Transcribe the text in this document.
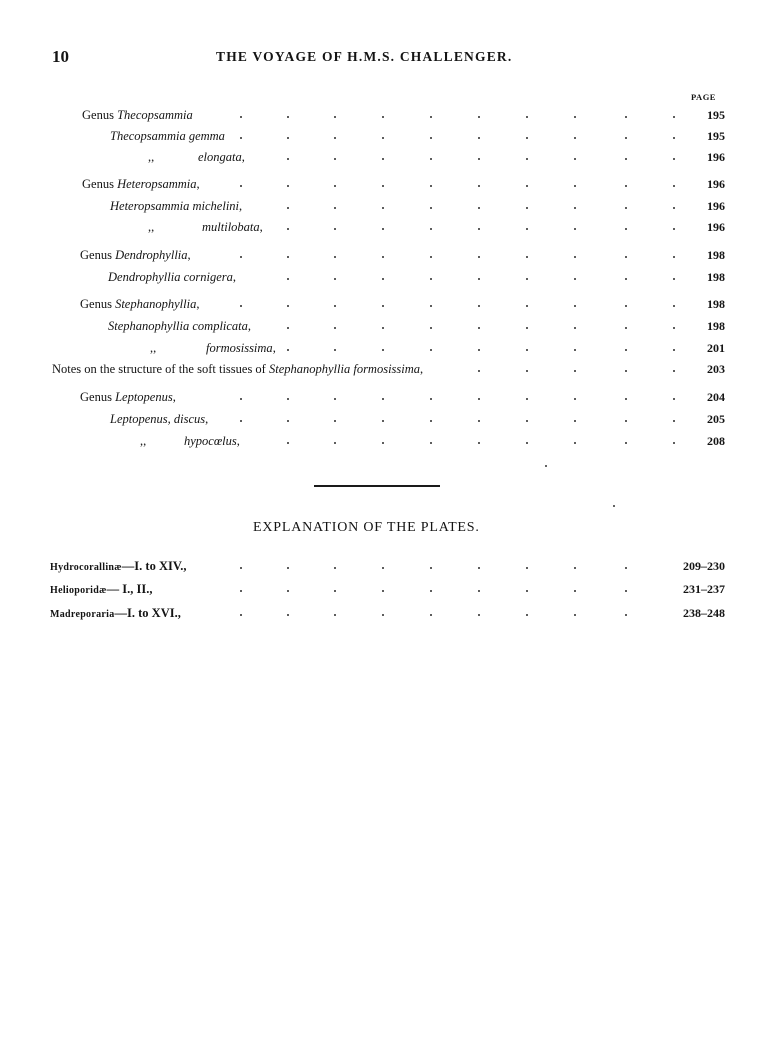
10	THE VOYAGE OF H.M.S. CHALLENGER.
PAGE
Genus Thecopsammia	195
Thecopsammia gemma	195
,,	elongata,	196
Genus Heteropsammia,	196
Heteropsammia michelini,	196
,,	multilobata,	196
Genus Dendrophyllia,	198
Dendrophyllia cornigera,	198
Genus Stephanophyllia,	198
Stephanophyllia complicata,	198
,,	formosissima,	201
Notes on the structure of the soft tissues of Stephanophyllia formosissima,	203
Genus Leptopenus,	204
Leptopenus, discus,	205
,,	hypocœlus,	208
EXPLANATION OF THE PLATES.
Hydrocorallinæ—I. to XIV.,	209–230
Helioporidæ— I., II.,	231–237
Madreporaria—I. to XVI.,	238–248
